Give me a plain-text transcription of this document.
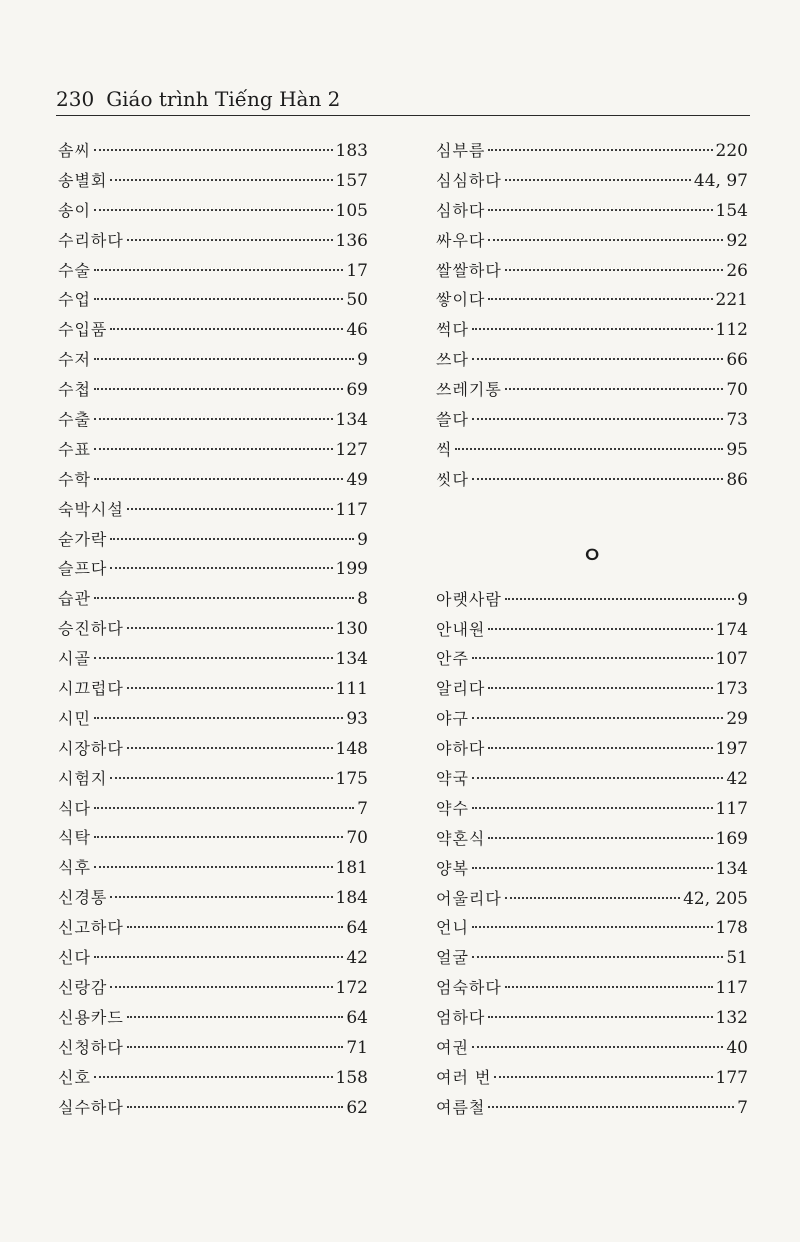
230 Giáo trình Tiếng Hàn 2
솜씨	183
송별회	157
송이	105
수리하다	136
수술	17
수업	50
수입품	46
수저	9
수첩	69
수출	134
수표	127
수학	49
숙박시설	117
숟가락	9
슬프다	199
습관	8
승진하다	130
시골	134
시끄럽다	111
시민	93
시장하다	148
시험지	175
식다	7
식탁	70
식후	181
신경통	184
신고하다	64
신다	42
신랑감	172
신용카드	64
신청하다	71
신호	158
실수하다	62
심부름	220
심심하다	44, 97
심하다	154
싸우다	92
쌀쌀하다	26
쌓이다	221
썩다	112
쓰다	66
쓰레기통	70
쓸다	73
씩	95
씻다	86
ㅇ
아랫사람	9
안내원	174
안주	107
알리다	173
야구	29
야하다	197
약국	42
약수	117
약혼식	169
양복	134
어울리다	42, 205
언니	178
얼굴	51
엄숙하다	117
엄하다	132
여권	40
여러 번	177
여름철	7
